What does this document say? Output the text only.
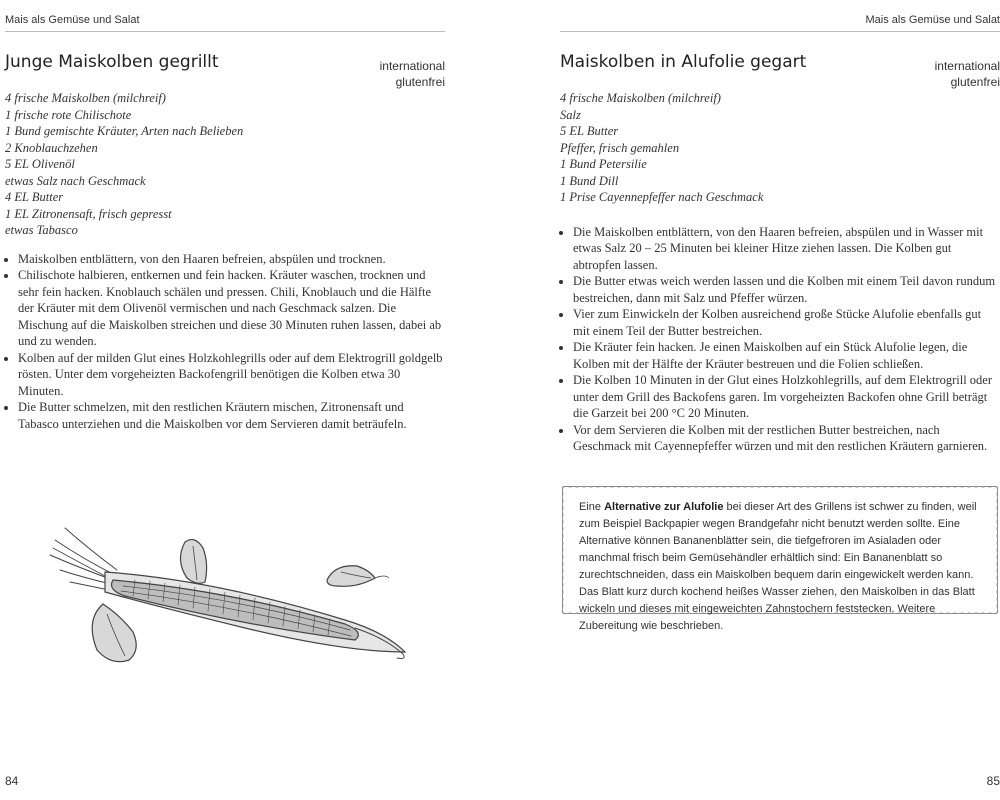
Mais als Gemüse und Salat
Junge Maiskolben gegrillt	international
glutenfrei
4 frische Maiskolben (milchreif)
1 frische rote Chilischote
1 Bund gemischte Kräuter, Arten nach Belieben
2 Knoblauchzehen
5 EL Olivenöl
etwas Salz nach Geschmack
4 EL Butter
1 EL Zitronensaft, frisch gepresst
etwas Tabasco
• Maiskolben entblättern, von den Haaren befreien, abspülen und trocknen.
• Chilischote halbieren, entkernen und fein hacken. Kräuter waschen, trocknen und sehr fein hacken. Knoblauch schälen und pressen. Chili, Knoblauch und die Hälfte der Kräuter mit dem Olivenöl vermischen und nach Geschmack salzen. Die Mischung auf die Maiskolben streichen und diese 30 Minuten ruhen lassen, dabei ab und zu wenden.
• Kolben auf der milden Glut eines Holzkohlegrills oder auf dem Elektrogrill goldgelb rösten. Unter dem vorgeheizten Backofengrill benötigen die Kolben etwa 30 Minuten.
• Die Butter schmelzen, mit den restlichen Kräutern mischen, Zitronensaft und Tabasco unterziehen und die Maiskolben vor dem Servieren damit beträufeln.
84
Mais als Gemüse und Salat
Maiskolben in Alufolie gegart	international
glutenfrei
4 frische Maiskolben (milchreif)
Salz
5 EL Butter
Pfeffer, frisch gemahlen
1 Bund Petersilie
1 Bund Dill
1 Prise Cayennepfeffer nach Geschmack
• Die Maiskolben entblättern, von den Haaren befreien, abspülen und in Wasser mit etwas Salz 20 – 25 Minuten bei kleiner Hitze ziehen lassen. Die Kolben gut abtropfen lassen.
• Die Butter etwas weich werden lassen und die Kolben mit einem Teil davon rundum bestreichen, dann mit Salz und Pfeffer würzen.
• Vier zum Einwickeln der Kolben ausreichend große Stücke Alufolie ebenfalls gut mit einem Teil der Butter bestreichen.
• Die Kräuter fein hacken. Je einen Maiskolben auf ein Stück Alufolie legen, die Kolben mit der Hälfte der Kräuter bestreuen und die Folien schließen.
• Die Kolben 10 Minuten in der Glut eines Holzkohlegrills, auf dem Elektrogrill oder unter dem Grill des Backofens garen. Im vorgeheizten Backofen ohne Grill beträgt die Garzeit bei 200 °C 20 Minuten.
• Vor dem Servieren die Kolben mit der restlichen Butter bestreichen, nach Geschmack mit Cayennepfeffer würzen und mit den restlichen Kräutern garnieren.
Eine Alternative zur Alufolie bei dieser Art des Grillens ist schwer zu finden, weil zum Beispiel Backpapier wegen Brandgefahr nicht benutzt werden sollte. Eine Alternative können Bananenblätter sein, die tiefgefroren im Asialaden oder manchmal frisch beim Gemüsehändler erhältlich sind: Ein Bananenblatt so zurechtschneiden, dass ein Maiskolben bequem darin eingewickelt werden kann. Das Blatt kurz durch kochend heißes Wasser ziehen, den Maiskolben in das Blatt wickeln und dieses mit eingeweichten Zahnstochern feststecken. Weitere Zubereitung wie beschrieben.
85
